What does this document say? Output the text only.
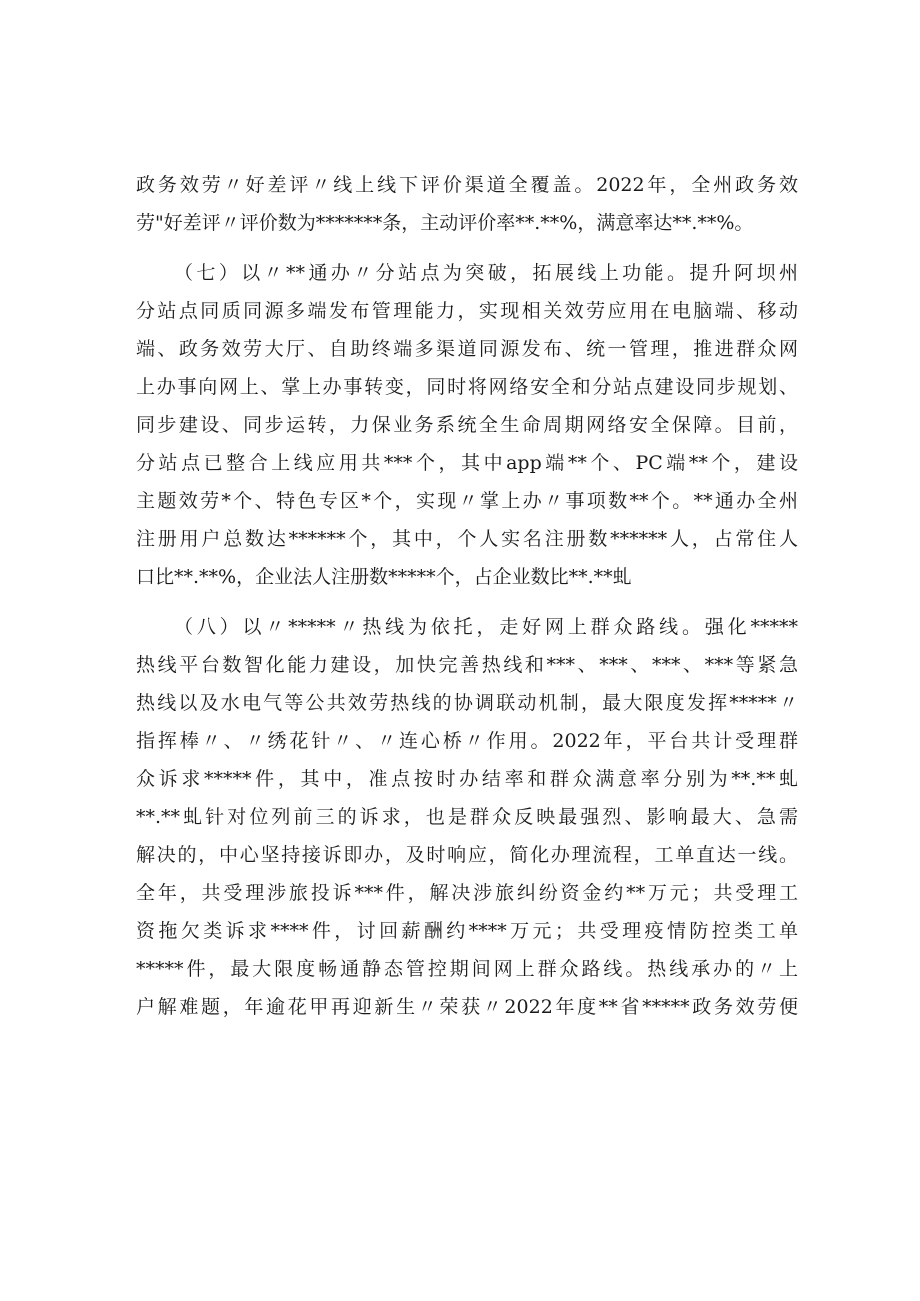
政务效劳〃好差评〃线上线下评价渠道全覆盖。2022年，全州政务效
劳"好差评〃评价数为*******条，主动评价率**.**%，满意率达**.**%。
（七）以〃**通办〃分站点为突破，拓展线上功能。提升阿坝州
分站点同质同源多端发布管理能力，实现相关效劳应用在电脑端、移动
端、政务效劳大厅、自助终端多渠道同源发布、统一管理，推进群众网
上办事向网上、掌上办事转变，同时将网络安全和分站点建设同步规划、
同步建设、同步运转，力保业务系统全生命周期网络安全保障。目前，
分站点已整合上线应用共***个，其中app端**个、PC端**个，建设
主题效劳*个、特色专区*个，实现〃掌上办〃事项数**个。**通办全州
注册用户总数达******个，其中，个人实名注册数******人，占常住人
口比**.**%，企业法人注册数*****个，占企业数比**.**虬
（八）以〃*****〃热线为依托，走好网上群众路线。强化*****
热线平台数智化能力建设，加快完善热线和***、***、***、***等紧急
热线以及水电气等公共效劳热线的协调联动机制，最大限度发挥*****〃
指挥棒〃、〃绣花针〃、〃连心桥〃作用。2022年，平台共计受理群
众诉求*****件，其中，准点按时办结率和群众满意率分别为**.**虬
**.**虬针对位列前三的诉求，也是群众反映最强烈、影响最大、急需
解决的，中心坚持接诉即办，及时响应，简化办理流程，工单直达一线。
全年，共受理涉旅投诉***件，解决涉旅纠纷资金约**万元；共受理工
资拖欠类诉求****件，讨回薪酬约****万元；共受理疫情防控类工单
*****件，最大限度畅通静态管控期间网上群众路线。热线承办的〃上
户解难题，年逾花甲再迎新生〃荣获〃2022年度**省*****政务效劳便
